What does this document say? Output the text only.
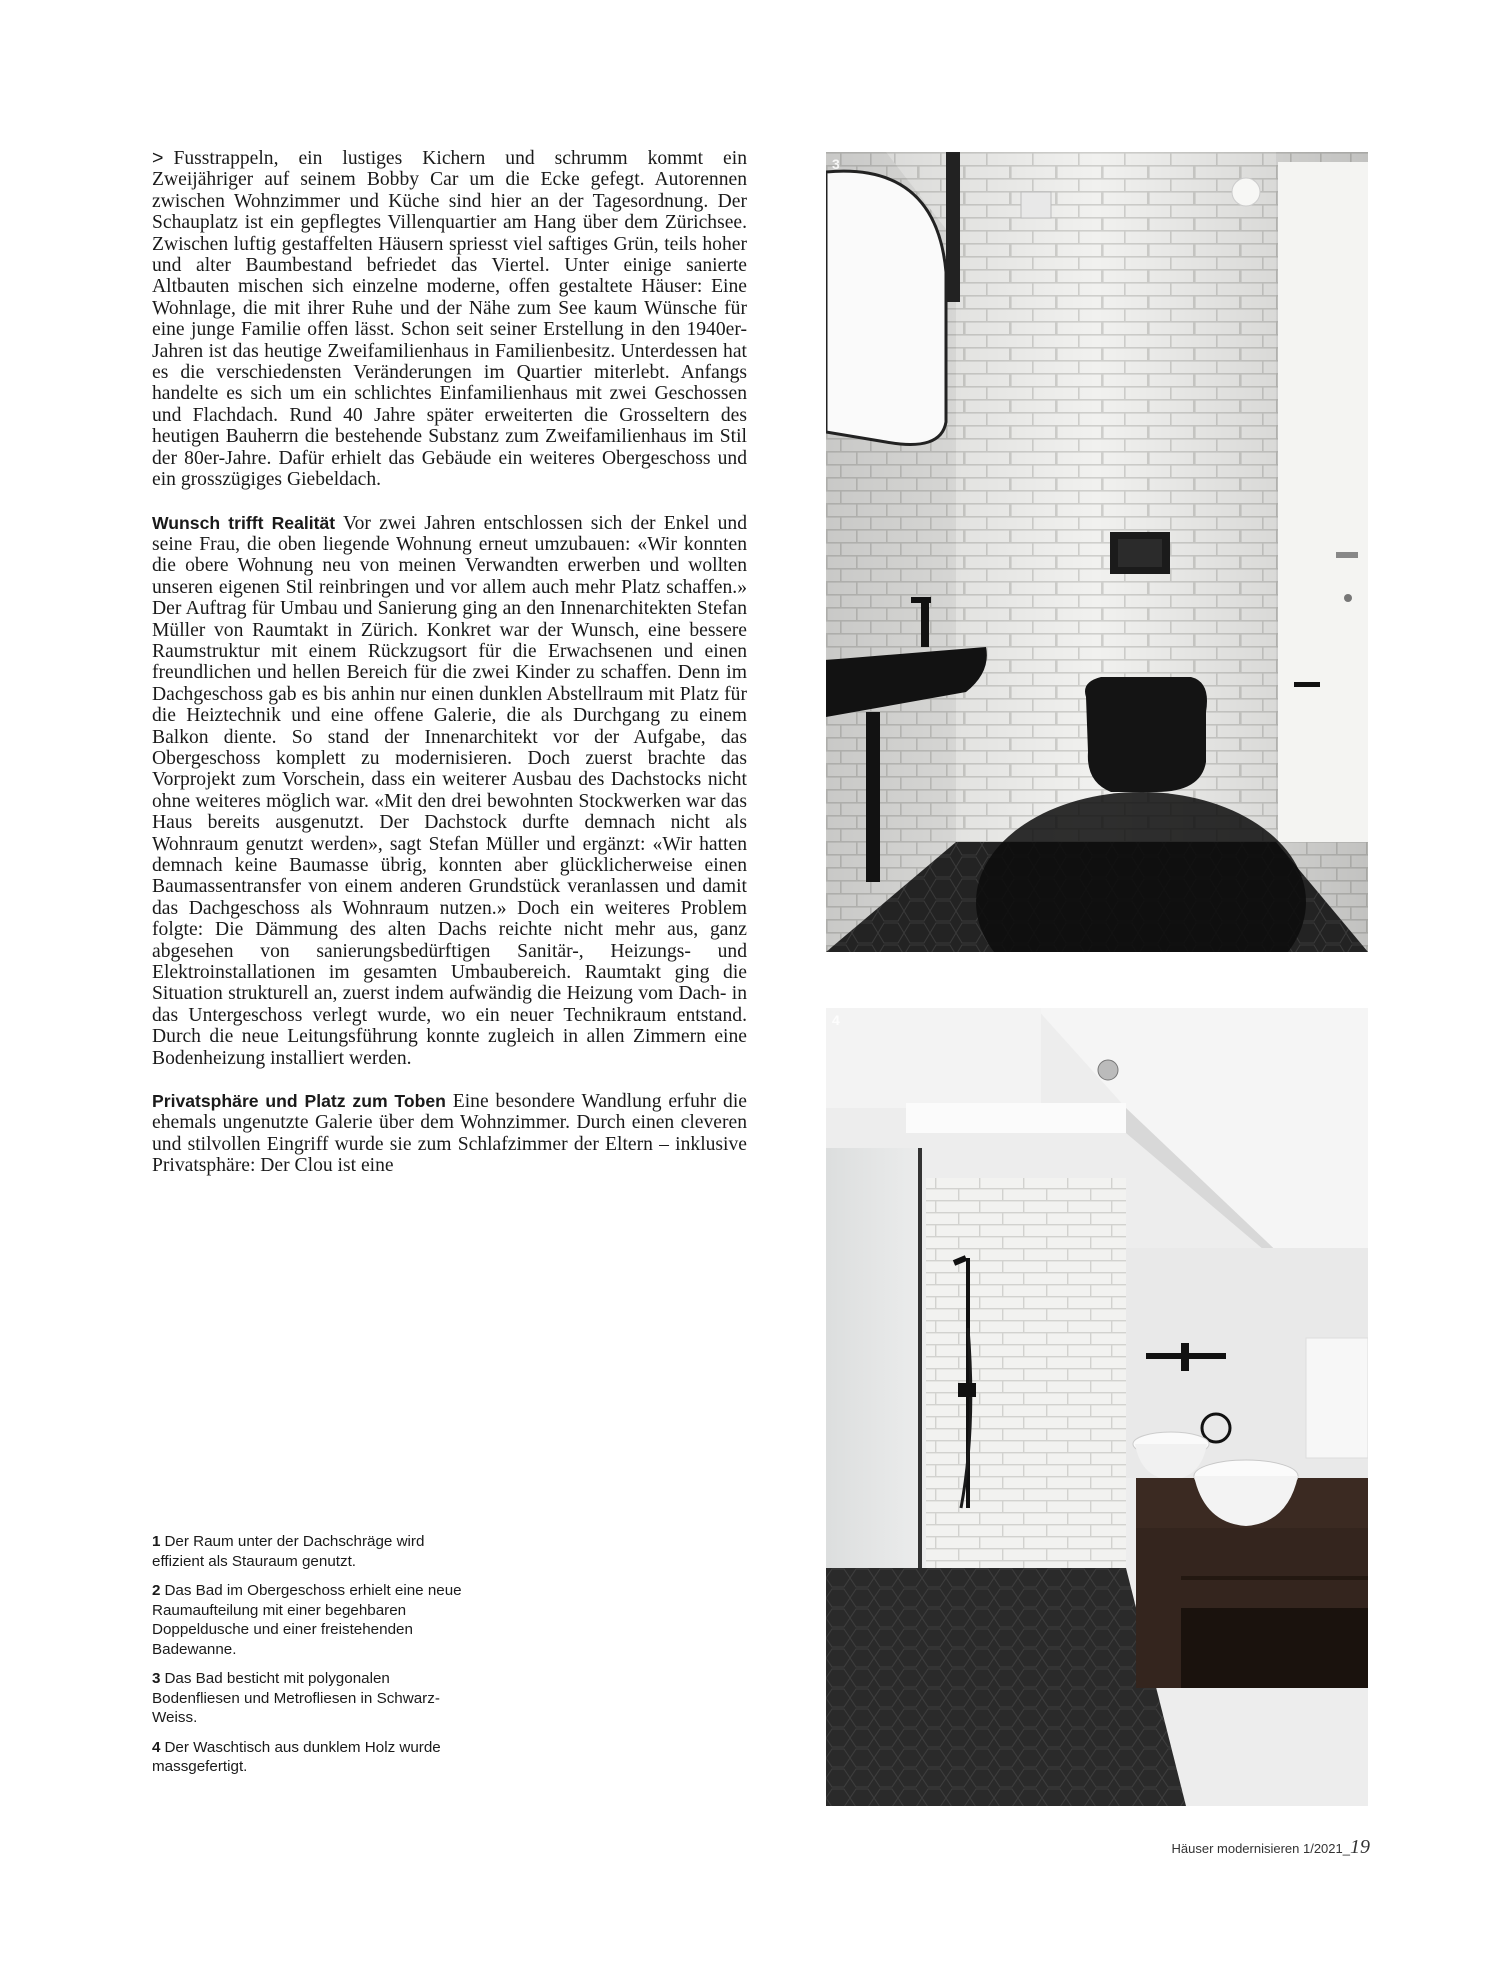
> Fusstrappeln, ein lustiges Kichern und schrumm kommt ein Zweijähriger auf seinem Bobby Car um die Ecke gefegt. Autorennen zwischen Wohnzimmer und Küche sind hier an der Tagesordnung. Der Schauplatz ist ein gepflegtes Villenquartier am Hang über dem Zürichsee. Zwischen luftig gestaffelten Häusern spriesst viel saftiges Grün, teils hoher und alter Baumbestand befriedet das Viertel. Unter einige sanierte Altbauten mischen sich einzelne moderne, offen gestaltete Häuser: Eine Wohnlage, die mit ihrer Ruhe und der Nähe zum See kaum Wünsche für eine junge Familie offen lässt. Schon seit seiner Erstellung in den 1940er-Jahren ist das heutige Zweifamilienhaus in Familienbesitz. Unterdessen hat es die verschiedensten Veränderungen im Quartier miterlebt. Anfangs handelte es sich um ein schlichtes Einfamilienhaus mit zwei Geschossen und Flachdach. Rund 40 Jahre später erweiterten die Grosseltern des heutigen Bauherrn die bestehende Substanz zum Zweifamilienhaus im Stil der 80er-Jahre. Dafür erhielt das Gebäude ein weiteres Obergeschoss und ein grosszügiges Giebeldach.

Wunsch trifft Realität Vor zwei Jahren entschlossen sich der Enkel und seine Frau, die oben liegende Wohnung erneut umzubauen: «Wir konnten die obere Wohnung neu von meinen Verwandten erwerben und wollten unseren eigenen Stil reinbringen und vor allem auch mehr Platz schaffen.» Der Auftrag für Umbau und Sanierung ging an den Innenarchitekten Stefan Müller von Raumtakt in Zürich. Konkret war der Wunsch, eine bessere Raumstruktur mit einem Rückzugsort für die Erwachsenen und einen freundlichen und hellen Bereich für die zwei Kinder zu schaffen. Denn im Dachgeschoss gab es bis anhin nur einen dunklen Abstellraum mit Platz für die Heiztechnik und eine offene Galerie, die als Durchgang zu einem Balkon diente. So stand der Innenarchitekt vor der Aufgabe, das Obergeschoss komplett zu modernisieren. Doch zuerst brachte das Vorprojekt zum Vorschein, dass ein weiterer Ausbau des Dachstocks nicht ohne weiteres möglich war. «Mit den drei bewohnten Stockwerken war das Haus bereits ausgenutzt. Der Dachstock durfte demnach nicht als Wohnraum genutzt werden», sagt Stefan Müller und ergänzt: «Wir hatten demnach keine Baumasse übrig, konnten aber glücklicherweise einen Baumassentransfer von einem anderen Grundstück veranlassen und damit das Dachgeschoss als Wohnraum nutzen.» Doch ein weiteres Problem folgte: Die Dämmung des alten Dachs reichte nicht mehr aus, ganz abgesehen von sanierungsbedürftigen Sanitär-, Heizungs- und Elektroinstallationen im gesamten Umbaubereich. Raumtakt ging die Situation strukturell an, zuerst indem aufwändig die Heizung vom Dach- in das Untergeschoss verlegt wurde, wo ein neuer Technikraum entstand. Durch die neue Leitungsführung konnte zugleich in allen Zimmern eine Bodenheizung installiert werden.

Privatsphäre und Platz zum Toben Eine besondere Wandlung erfuhr die ehemals ungenutzte Galerie über dem Wohnzimmer. Durch einen cleveren und stilvollen Eingriff wurde sie zum Schlafzimmer der Eltern – inklusive Privatsphäre: Der Clou ist eine

1 Der Raum unter der Dachschräge wird effizient als Stauraum genutzt.
2 Das Bad im Obergeschoss erhielt eine neue Raumaufteilung mit einer begehbaren Doppeldusche und einer freistehenden Badewanne.
3 Das Bad besticht mit polygonalen Bodenfliesen und Metrofliesen in Schwarz-Weiss.
4 Der Waschtisch aus dunklem Holz wurde massgefertigt.
3
4
Häuser modernisieren 1/2021_19
